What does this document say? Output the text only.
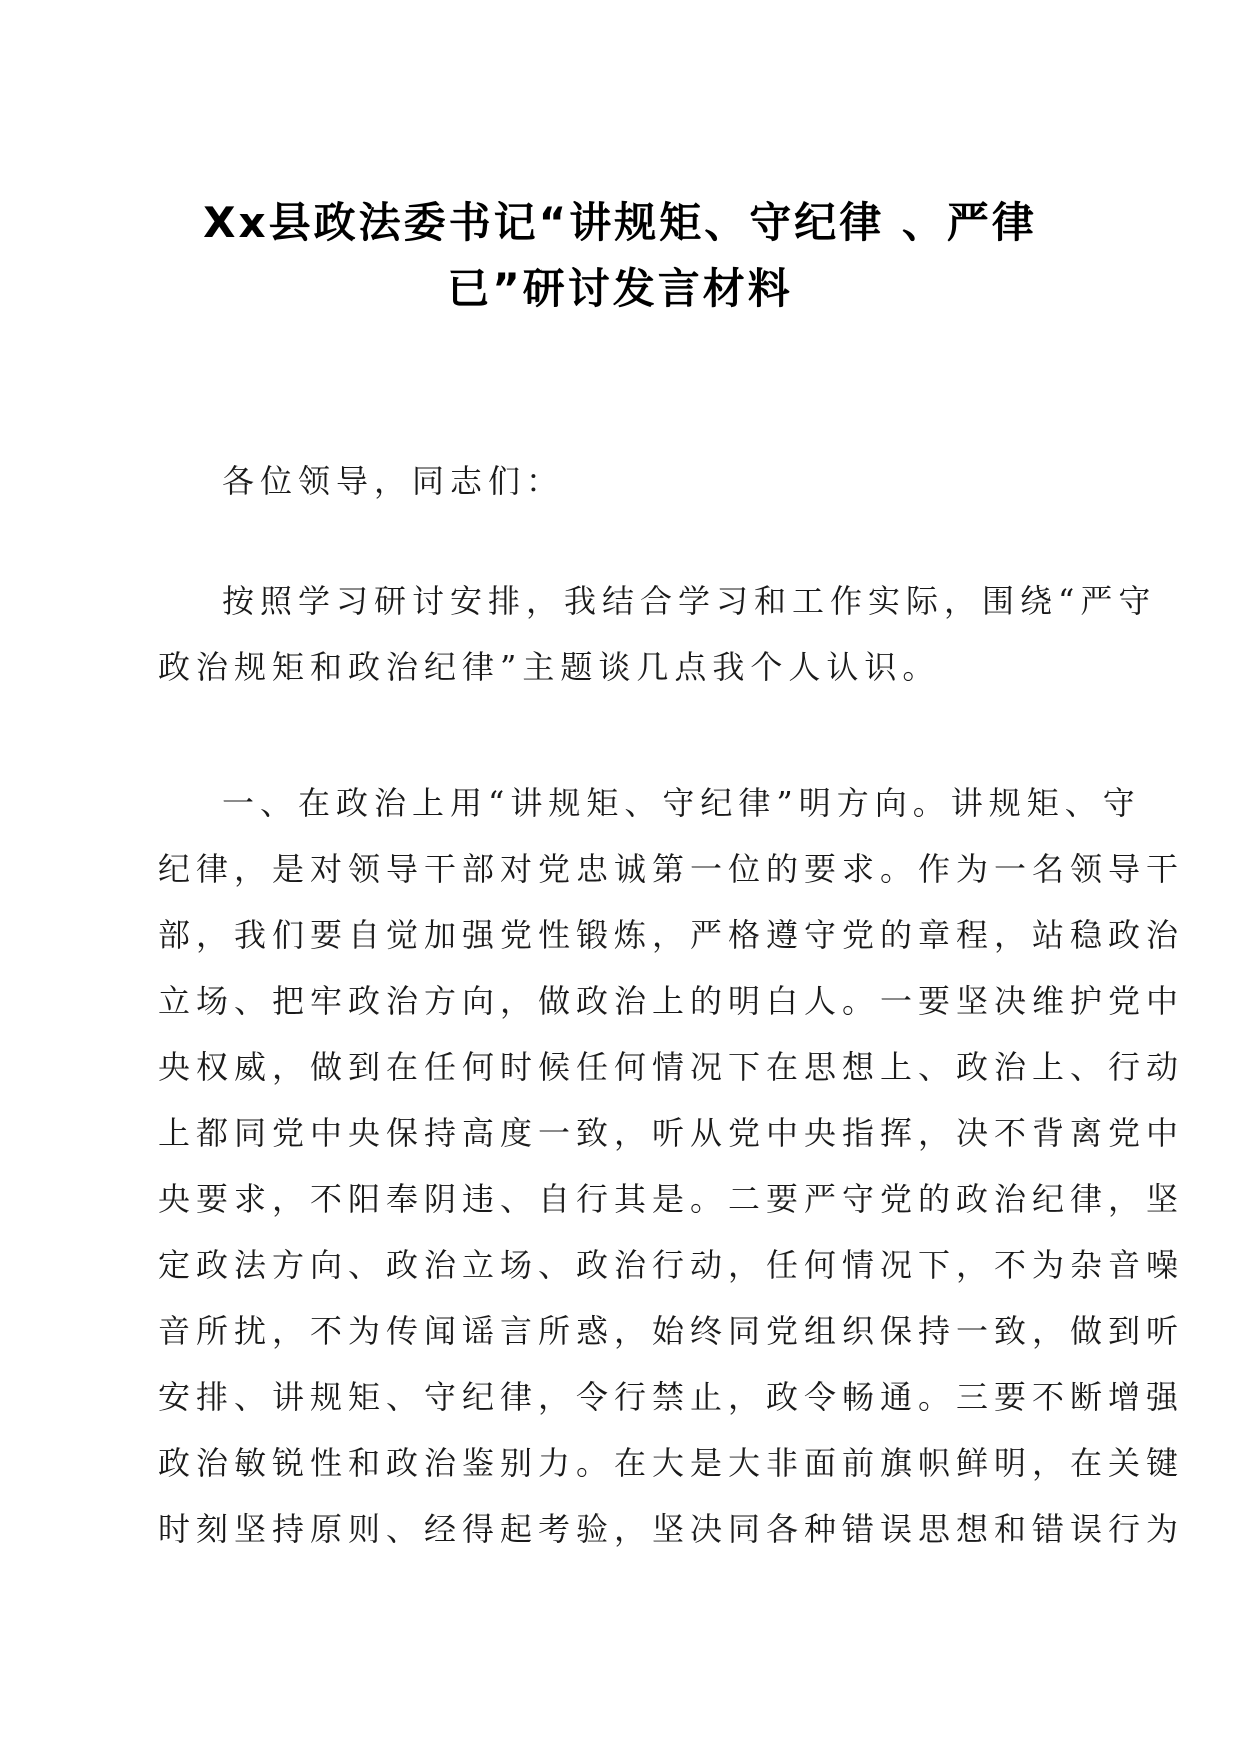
Xx县政法委书记“讲规矩、守纪律 、严律
已”研讨发言材料
各位领导，同志们：
按照学习研讨安排，我结合学习和工作实际，围绕“严守
政治规矩和政治纪律”主题谈几点我个人认识。
一、在政治上用“讲规矩、守纪律”明方向。讲规矩、守
纪律，是对领导干部对党忠诚第一位的要求。作为一名领导干
部，我们要自觉加强党性锻炼，严格遵守党的章程，站稳政治
立场、把牢政治方向，做政治上的明白人。一要坚决维护党中
央权威，做到在任何时候任何情况下在思想上、政治上、行动
上都同党中央保持高度一致，听从党中央指挥，决不背离党中
央要求，不阳奉阴违、自行其是。二要严守党的政治纪律，坚
定政法方向、政治立场、政治行动，任何情况下，不为杂音噪
音所扰，不为传闻谣言所惑，始终同党组织保持一致，做到听
安排、讲规矩、守纪律，令行禁止，政令畅通。三要不断增强
政治敏锐性和政治鉴别力。在大是大非面前旗帜鲜明，在关键
时刻坚持原则、经得起考验，坚决同各种错误思想和错误行为
